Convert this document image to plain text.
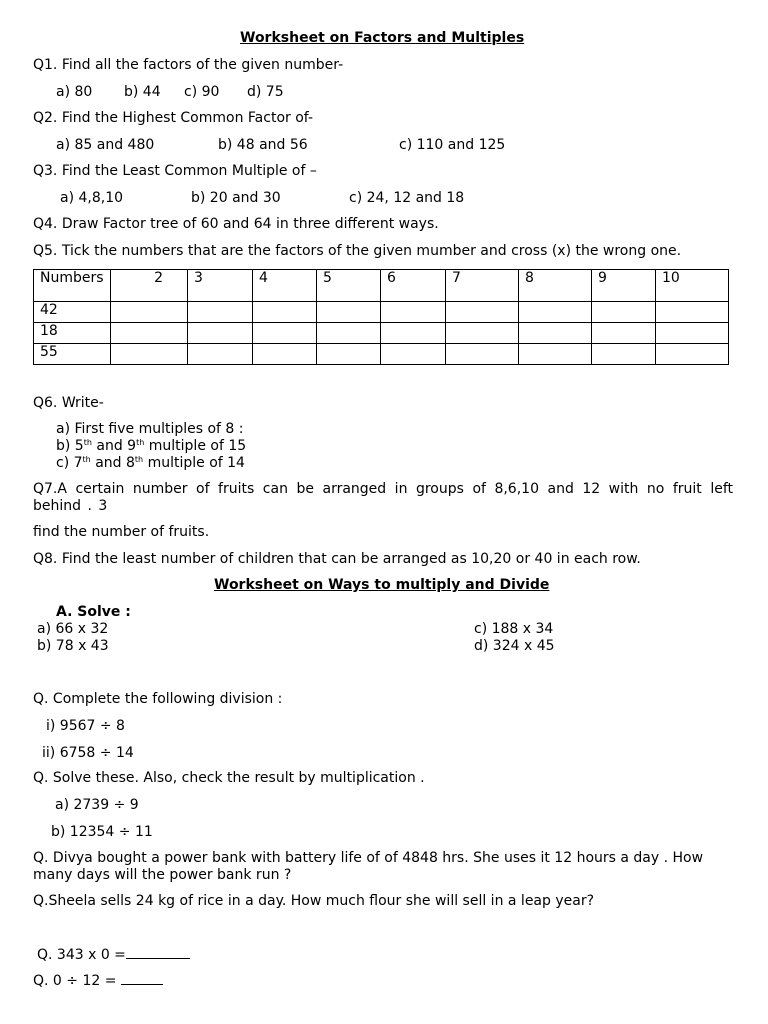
Worksheet on Factors and Multiples
Q1. Find all the factors of the given number-
a) 80 b) 44 c) 90 d) 75
Q2. Find the Highest Common Factor of-
a) 85 and 480	b) 48 and 56	c) 110 and 125
Q3. Find the Least Common Multiple of –
a) 4,8,10	b) 20 and 30	c) 24, 12 and 18
Q4. Draw Factor tree of 60 and 64 in three different ways.
Q5. Tick the numbers that are the factors of the given mumber and cross (x) the wrong one.
Numbers	2	3	4	5	6	7	8	9	10
42									
18									
55									
Q6. Write-
a) First five multiples of 8 :
b) 5th and 9th multiple of 15
c) 7th and 8th multiple of 14
Q7.A certain number of fruits can be arranged in groups of 8,6,10 and 12 with no fruit left behind . 3
find the number of fruits.
Q8. Find the least number of children that can be arranged as 10,20 or 40 in each row.
Worksheet on Ways to multiply and Divide
A. Solve :
a) 66 x 32
b) 78 x 43
c) 188 x 34
d) 324 x 45
Q. Complete the following division :
i) 9567 ÷ 8
ii) 6758 ÷ 14
Q. Solve these. Also, check the result by multiplication .
a) 2739 ÷ 9
b) 12354 ÷ 11
Q. Divya bought a power bank with battery life of of 4848 hrs. She uses it 12 hours a day . How many days will the power bank run ?
Q.Sheela sells 24 kg of rice in a day. How much flour she will sell in a leap year?
Q. 343 x 0 =
Q. 0 ÷ 12 =
